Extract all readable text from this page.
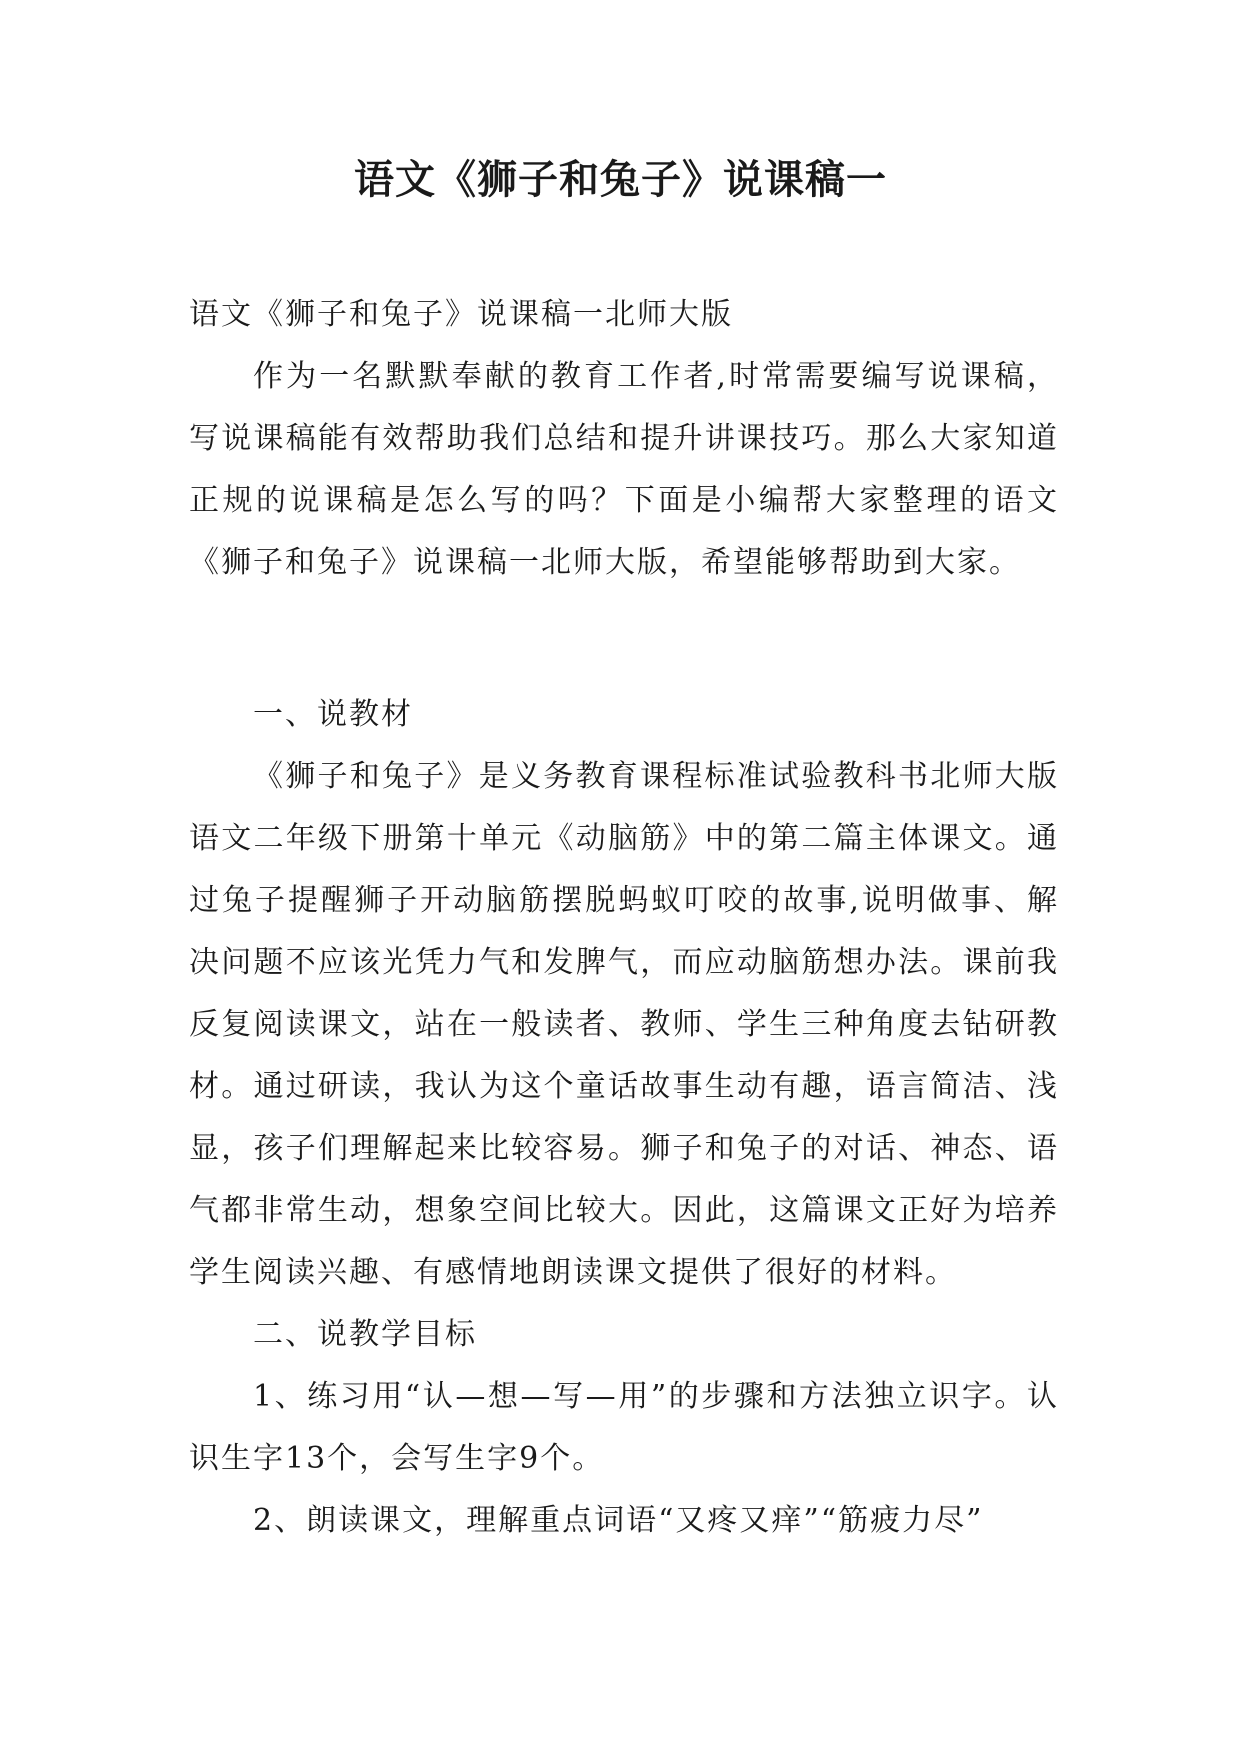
语文《狮子和兔子》说课稿一

语文《狮子和兔子》说课稿一北师大版

作为一名默默奉献的教育工作者,时常需要编写说课稿，写说课稿能有效帮助我们总结和提升讲课技巧。那么大家知道正规的说课稿是怎么写的吗？下面是小编帮大家整理的语文《狮子和兔子》说课稿一北师大版，希望能够帮助到大家。

一、说教材

《狮子和兔子》是义务教育课程标准试验教科书北师大版语文二年级下册第十单元《动脑筋》中的第二篇主体课文。通过兔子提醒狮子开动脑筋摆脱蚂蚁叮咬的故事,说明做事、解决问题不应该光凭力气和发脾气，而应动脑筋想办法。课前我反复阅读课文，站在一般读者、教师、学生三种角度去钻研教材。通过研读，我认为这个童话故事生动有趣，语言简洁、浅显，孩子们理解起来比较容易。狮子和兔子的对话、神态、语气都非常生动，想象空间比较大。因此，这篇课文正好为培养学生阅读兴趣、有感情地朗读课文提供了很好的材料。

二、说教学目标

1、练习用“认—想—写—用”的步骤和方法独立识字。认识生字13个，会写生字9个。

2、朗读课文，理解重点词语“又疼又痒”“筋疲力尽”
